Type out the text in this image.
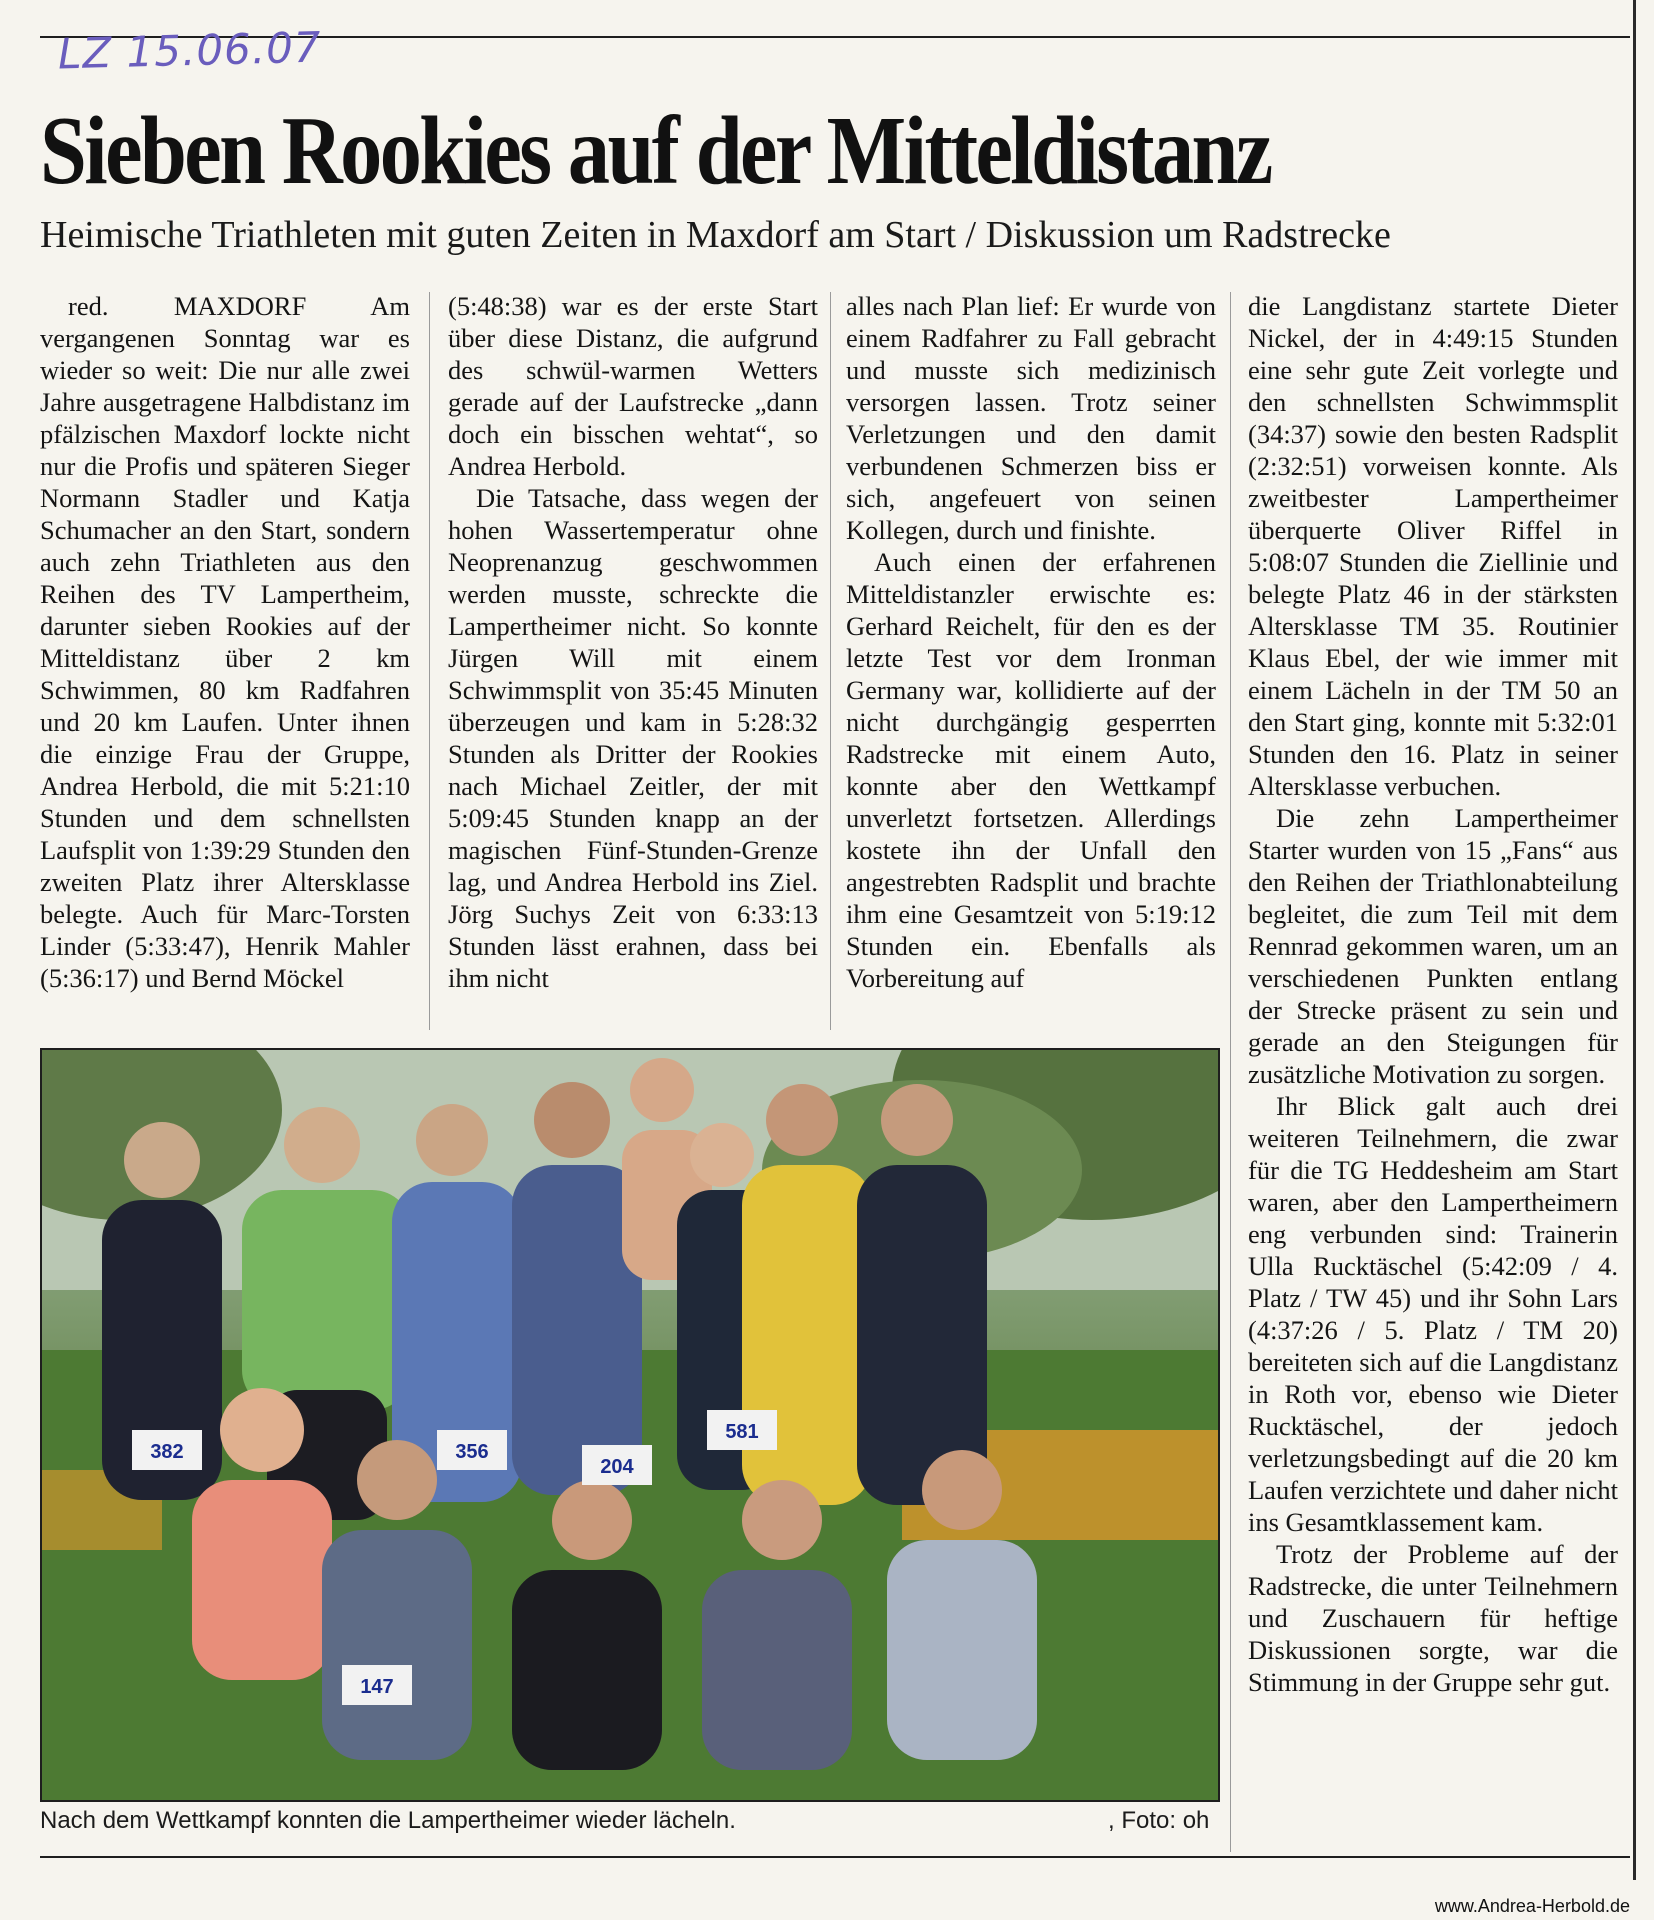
LZ 15.06.07
Sieben Rookies auf der Mitteldistanz
Heimische Triathleten mit guten Zeiten in Maxdorf am Start / Diskussion um Radstrecke

red. MAXDORF Am vergangenen Sonntag war es wieder so weit: Die nur alle zwei Jahre ausgetragene Halbdistanz im pfälzischen Maxdorf lockte nicht nur die Profis und späteren Sieger Normann Stadler und Katja Schumacher an den Start, sondern auch zehn Triathleten aus den Reihen des TV Lampertheim, darunter sieben Rookies auf der Mitteldistanz über 2 km Schwimmen, 80 km Radfahren und 20 km Laufen. Unter ihnen die einzige Frau der Gruppe, Andrea Herbold, die mit 5:21:10 Stunden und dem schnellsten Laufsplit von 1:39:29 Stunden den zweiten Platz ihrer Altersklasse belegte. Auch für Marc-Torsten Linder (5:33:47), Henrik Mahler (5:36:17) und Bernd Möckel

(5:48:38) war es der erste Start über diese Distanz, die aufgrund des schwül-warmen Wetters gerade auf der Laufstrecke „dann doch ein bisschen wehtat“, so Andrea Herbold.

Die Tatsache, dass wegen der hohen Wassertemperatur ohne Neoprenanzug geschwommen werden musste, schreckte die Lampertheimer nicht. So konnte Jürgen Will mit einem Schwimmsplit von 35:45 Minuten überzeugen und kam in 5:28:32 Stunden als Dritter der Rookies nach Michael Zeitler, der mit 5:09:45 Stunden knapp an der magischen Fünf-Stunden-Grenze lag, und Andrea Herbold ins Ziel. Jörg Suchys Zeit von 6:33:13 Stunden lässt erahnen, dass bei ihm nicht

alles nach Plan lief: Er wurde von einem Radfahrer zu Fall gebracht und musste sich medizinisch versorgen lassen. Trotz seiner Verletzungen und den damit verbundenen Schmerzen biss er sich, angefeuert von seinen Kollegen, durch und finishte.

Auch einen der erfahrenen Mitteldistanzler erwischte es: Gerhard Reichelt, für den es der letzte Test vor dem Ironman Germany war, kollidierte auf der nicht durchgängig gesperrten Radstrecke mit einem Auto, konnte aber den Wettkampf unverletzt fortsetzen. Allerdings kostete ihn der Unfall den angestrebten Radsplit und brachte ihm eine Gesamtzeit von 5:19:12 Stunden ein. Ebenfalls als Vorbereitung auf

die Langdistanz startete Dieter Nickel, der in 4:49:15 Stunden eine sehr gute Zeit vorlegte und den schnellsten Schwimmsplit (34:37) sowie den besten Radsplit (2:32:51) vorweisen konnte. Als zweitbester Lampertheimer überquerte Oliver Riffel in 5:08:07 Stunden die Ziellinie und belegte Platz 46 in der stärksten Altersklasse TM 35. Routinier Klaus Ebel, der wie immer mit einem Lächeln in der TM 50 an den Start ging, konnte mit 5:32:01 Stunden den 16. Platz in seiner Altersklasse verbuchen.

Die zehn Lampertheimer Starter wurden von 15 „Fans“ aus den Reihen der Triathlonabteilung begleitet, die zum Teil mit dem Rennrad gekommen waren, um an verschiedenen Punkten entlang der Strecke präsent zu sein und gerade an den Steigungen für zusätzliche Motivation zu sorgen.

Ihr Blick galt auch drei weiteren Teilnehmern, die zwar für die TG Heddesheim am Start waren, aber den Lampertheimern eng verbunden sind: Trainerin Ulla Rucktäschel (5:42:09 / 4. Platz / TW 45) und ihr Sohn Lars (4:37:26 / 5. Platz / TM 20) bereiteten sich auf die Langdistanz in Roth vor, ebenso wie Dieter Rucktäschel, der jedoch verletzungsbedingt auf die 20 km Laufen verzichtete und daher nicht ins Gesamtklassement kam.

Trotz der Probleme auf der Radstrecke, die unter Teilnehmern und Zuschauern für heftige Diskussionen sorgte, war die Stimmung in der Gruppe sehr gut.

382	356
204
581
147
Nach dem Wettkampf konnten die Lampertheimer wieder lächeln.	, Foto: oh
www.Andrea-Herbold.de
